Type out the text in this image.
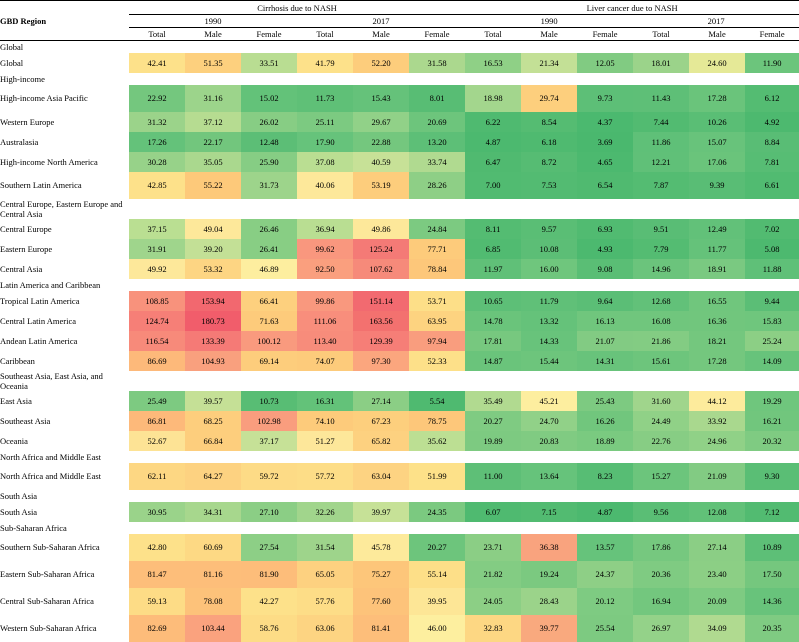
GBD Region	Cirrhosis due to NASH						Liver cancer due to NASH					
	1990			2017			1990			2017		
	Total	Male	Female	Total	Male	Female	Total	Male	Female	Total	Male	Female
Global												
Global	42.41	51.35	33.51	41.79	52.20	31.58	16.53	21.34	12.05	18.01	24.60	11.90
High-income												
High-income Asia Pacific	22.92	31.16	15.02	11.73	15.43	8.01	18.98	29.74	9.73	11.43	17.28	6.12
Western Europe	31.32	37.12	26.02	25.11	29.67	20.69	6.22	8.54	4.37	7.44	10.26	4.92
Australasia	17.26	22.17	12.48	17.90	22.88	13.20	4.87	6.18	3.69	11.86	15.07	8.84
High-income North America	30.28	35.05	25.90	37.08	40.59	33.74	6.47	8.72	4.65	12.21	17.06	7.81
Southern Latin America	42.85	55.22	31.73	40.06	53.19	28.26	7.00	7.53	6.54	7.87	9.39	6.61
Central Europe, Eastern Europe and Central Asia												
Central Europe	37.15	49.04	26.46	36.94	49.86	24.84	8.11	9.57	6.93	9.51	12.49	7.02
Eastern Europe	31.91	39.20	26.41	99.62	125.24	77.71	6.85	10.08	4.93	7.79	11.77	5.08
Central Asia	49.92	53.32	46.89	92.50	107.62	78.84	11.97	16.00	9.08	14.96	18.91	11.88
Latin America and Caribbean												
Tropical Latin America	108.85	153.94	66.41	99.86	151.14	53.71	10.65	11.79	9.64	12.68	16.55	9.44
Central Latin America	124.74	180.73	71.63	111.06	163.56	63.95	14.78	13.32	16.13	16.08	16.36	15.83
Andean Latin America	116.54	133.39	100.12	113.40	129.39	97.94	17.81	14.33	21.07	21.86	18.21	25.24
Caribbean	86.69	104.93	69.14	74.07	97.30	52.33	14.87	15.44	14.31	15.61	17.28	14.09
Southeast Asia, East Asia, and Oceania												
East Asia	25.49	39.57	10.73	16.31	27.14	5.54	35.49	45.21	25.43	31.60	44.12	19.29
Southeast Asia	86.81	68.25	102.98	74.10	67.23	78.75	20.27	24.70	16.26	24.49	33.92	16.21
Oceania	52.67	66.84	37.17	51.27	65.82	35.62	19.89	20.83	18.89	22.76	24.96	20.32
North Africa and Middle East												
North Africa and Middle East	62.11	64.27	59.72	57.72	63.04	51.99	11.00	13.64	8.23	15.27	21.09	9.30
South Asia												
South Asia	30.95	34.31	27.10	32.26	39.97	24.35	6.07	7.15	4.87	9.56	12.08	7.12
Sub-Saharan Africa												
Southern Sub-Saharan Africa	42.80	60.69	27.54	31.54	45.78	20.27	23.71	36.38	13.57	17.86	27.14	10.89
Eastern Sub-Saharan Africa	81.47	81.16	81.90	65.05	75.27	55.14	21.82	19.24	24.37	20.36	23.40	17.50
Central Sub-Saharan Africa	59.13	78.08	42.27	57.76	77.60	39.95	24.05	28.43	20.12	16.94	20.09	14.36
Western Sub-Saharan Africa	82.69	103.44	58.76	63.06	81.41	46.00	32.83	39.77	25.54	26.97	34.09	20.35
